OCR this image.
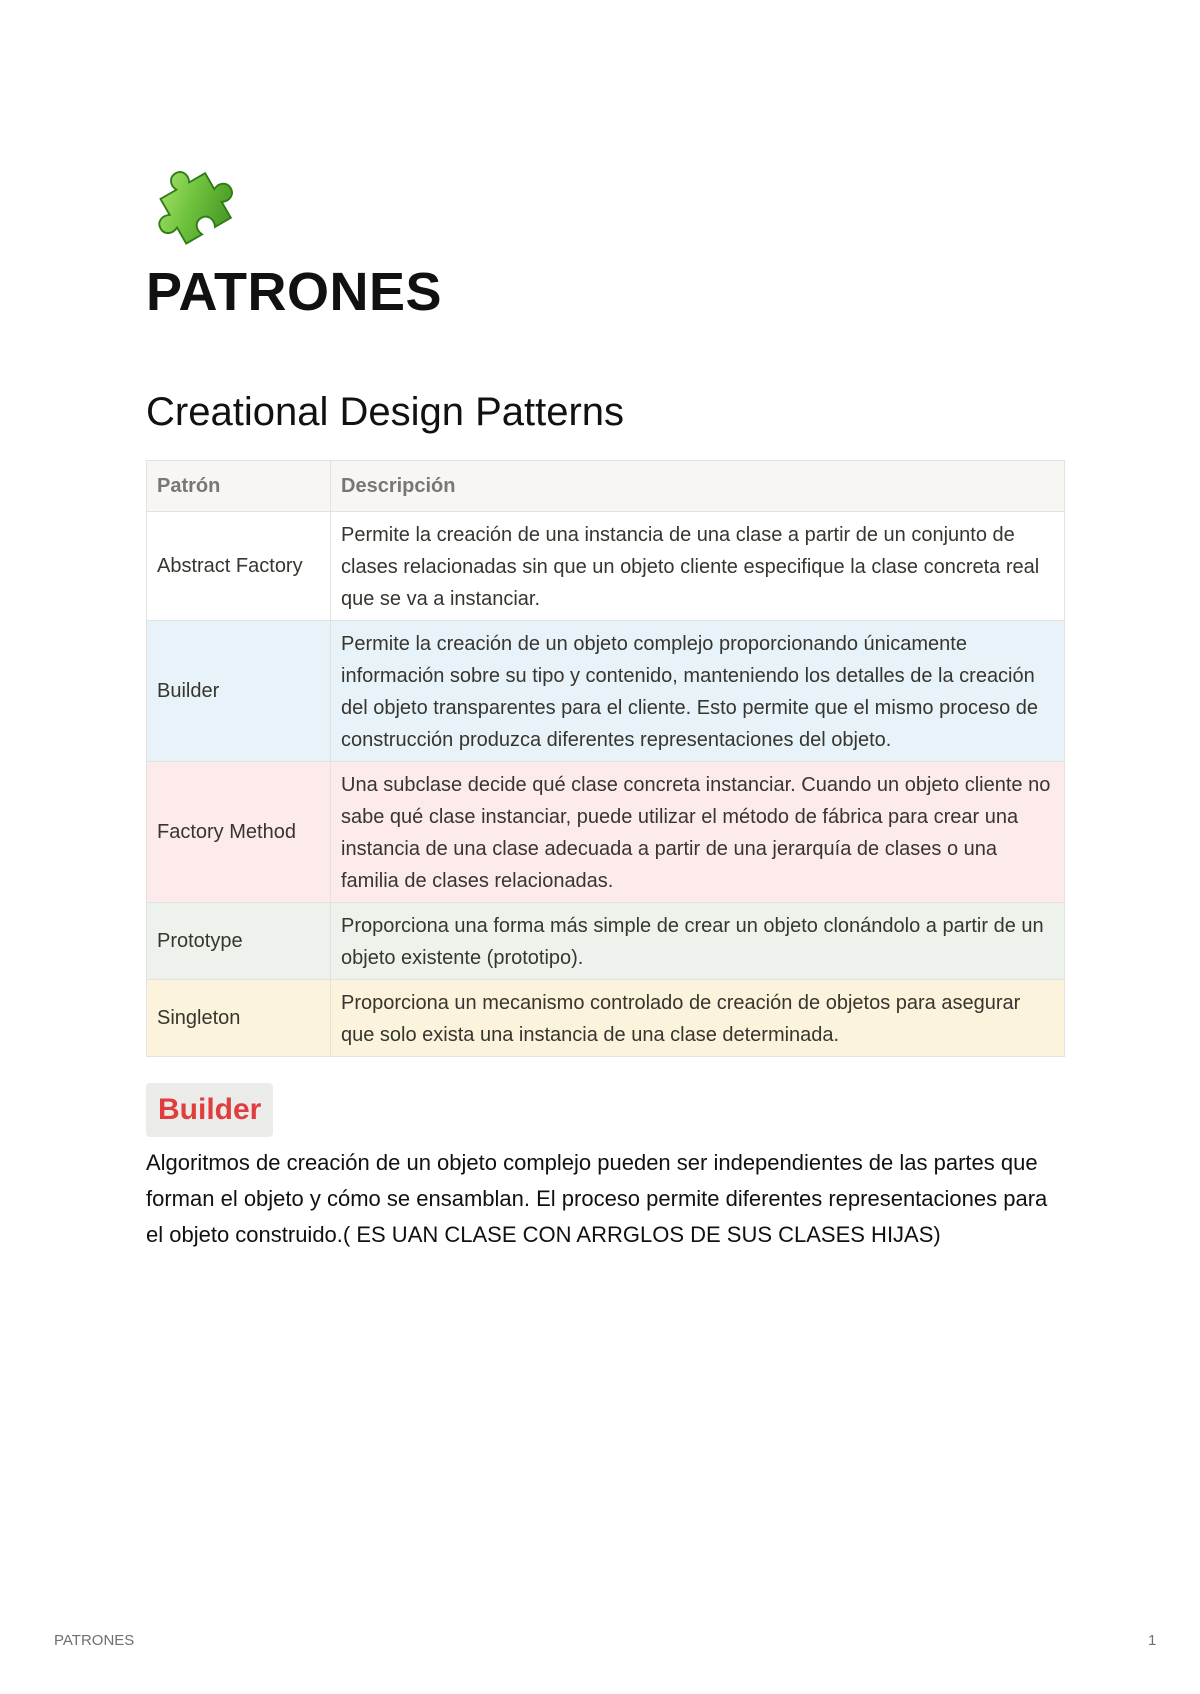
PATRONES
Creational Design Patterns
Patrón	Descripción
Abstract Factory	Permite la creación de una instancia de una clase a partir de un conjunto de clases relacionadas sin que un objeto cliente especifique la clase concreta real que se va a instanciar.
Builder	Permite la creación de un objeto complejo proporcionando únicamente información sobre su tipo y contenido, manteniendo los detalles de la creación del objeto transparentes para el cliente. Esto permite que el mismo proceso de construcción produzca diferentes representaciones del objeto.
Factory Method	Una subclase decide qué clase concreta instanciar. Cuando un objeto cliente no sabe qué clase instanciar, puede utilizar el método de fábrica para crear una instancia de una clase adecuada a partir de una jerarquía de clases o una familia de clases relacionadas.
Prototype	Proporciona una forma más simple de crear un objeto clonándolo a partir de un objeto existente (prototipo).
Singleton	Proporciona un mecanismo controlado de creación de objetos para asegurar que solo exista una instancia de una clase determinada.
Builder

Algoritmos de creación de un objeto complejo pueden ser independientes de las partes que forman el objeto y cómo se ensamblan. El proceso permite diferentes representaciones para el objeto construido.( ES UAN CLASE CON ARRGLOS DE SUS CLASES HIJAS)

PATRONES	1
